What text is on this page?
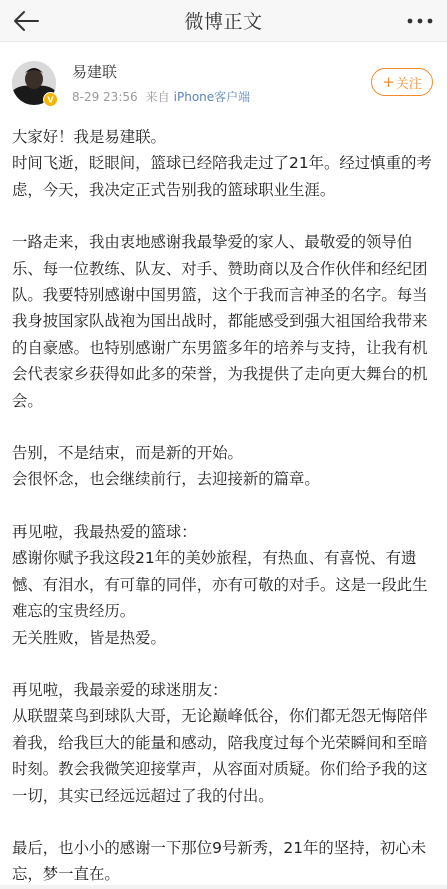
微博正文
V
易建联
8-29 23:56 来自 iPhone客户端
+ 关注
大家好！我是易建联。
时间飞逝，眨眼间，篮球已经陪我走过了21年。经过慎重的考虑，今天，我决定正式告别我的篮球职业生涯。
一路走来，我由衷地感谢我最挚爱的家人、最敬爱的领导伯乐、每一位教练、队友、对手、赞助商以及合作伙伴和经纪团队。我要特别感谢中国男篮，这个于我而言神圣的名字。每当我身披国家队战袍为国出战时，都能感受到强大祖国给我带来的自豪感。也特别感谢广东男篮多年的培养与支持，让我有机会代表家乡获得如此多的荣誉，为我提供了走向更大舞台的机会。
告别，不是结束，而是新的开始。
会很怀念，也会继续前行，去迎接新的篇章。
再见啦，我最热爱的篮球：
感谢你赋予我这段21年的美妙旅程，有热血、有喜悦、有遗憾、有泪水，有可靠的同伴，亦有可敬的对手。这是一段此生难忘的宝贵经历。
无关胜败，皆是热爱。
再见啦，我最亲爱的球迷朋友：
从联盟菜鸟到球队大哥，无论巅峰低谷，你们都无怨无悔陪伴着我，给我巨大的能量和感动，陪我度过每个光荣瞬间和至暗时刻。教会我微笑迎接掌声，从容面对质疑。你们给予我的这一切，其实已经远远超过了我的付出。
最后，也小小的感谢一下那位9号新秀，21年的坚持，初心未忘，梦一直在。
